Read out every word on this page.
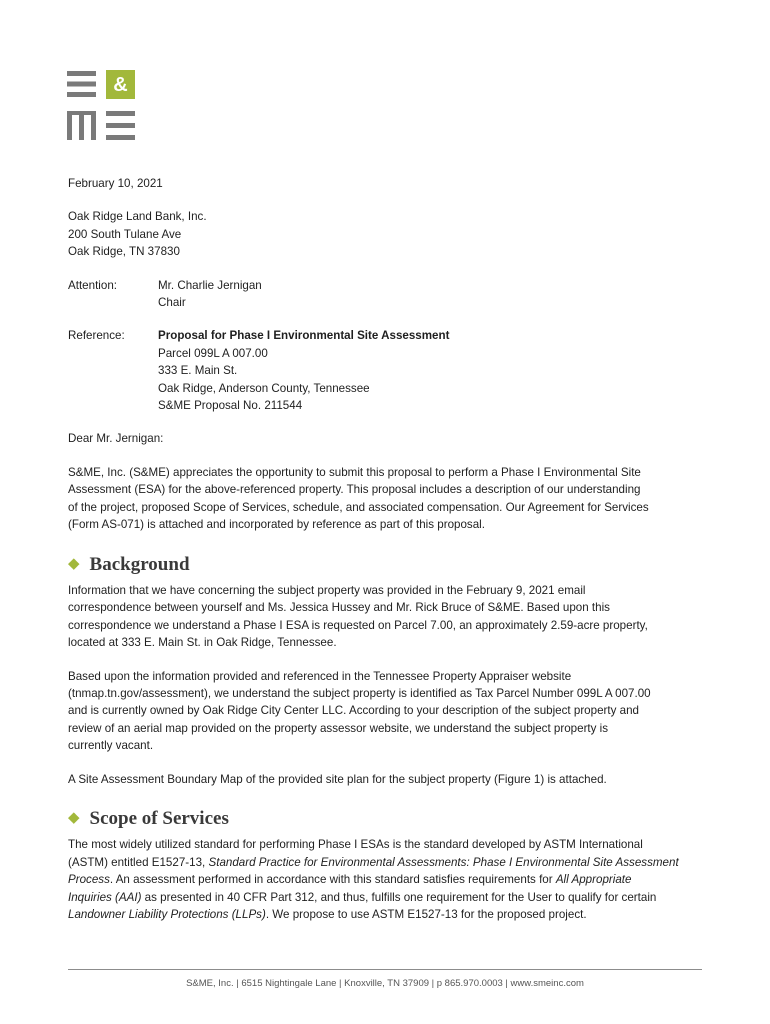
&
February 10, 2021
Oak Ridge Land Bank, Inc.
200 South Tulane Ave
Oak Ridge, TN 37830
Attention:	Mr. Charlie Jernigan
Chair
Reference:	Proposal for Phase I Environmental Site Assessment
Parcel 099L A 007.00
333 E. Main St.
Oak Ridge, Anderson County, Tennessee
S&ME Proposal No. 211544
Dear Mr. Jernigan:
S&ME, Inc. (S&ME) appreciates the opportunity to submit this proposal to perform a Phase I Environmental Site
Assessment (ESA) for the above-referenced property. This proposal includes a description of our understanding
of the project, proposed Scope of Services, schedule, and associated compensation. Our Agreement for Services
(Form AS-071) is attached and incorporated by reference as part of this proposal.
◆ Background
Information that we have concerning the subject property was provided in the February 9, 2021 email
correspondence between yourself and Ms. Jessica Hussey and Mr. Rick Bruce of S&ME. Based upon this
correspondence we understand a Phase I ESA is requested on Parcel 7.00, an approximately 2.59-acre property,
located at 333 E. Main St. in Oak Ridge, Tennessee.
Based upon the information provided and referenced in the Tennessee Property Appraiser website
(tnmap.tn.gov/assessment), we understand the subject property is identified as Tax Parcel Number 099L A 007.00
and is currently owned by Oak Ridge City Center LLC. According to your description of the subject property and
review of an aerial map provided on the property assessor website, we understand the subject property is
currently vacant.
A Site Assessment Boundary Map of the provided site plan for the subject property (Figure 1) is attached.
◆ Scope of Services
The most widely utilized standard for performing Phase I ESAs is the standard developed by ASTM International
(ASTM) entitled E1527-13, Standard Practice for Environmental Assessments: Phase I Environmental Site Assessment
Process. An assessment performed in accordance with this standard satisfies requirements for All Appropriate
Inquiries (AAI) as presented in 40 CFR Part 312, and thus, fulfills one requirement for the User to qualify for certain
Landowner Liability Protections (LLPs). We propose to use ASTM E1527-13 for the proposed project.
S&ME, Inc. | 6515 Nightingale Lane | Knoxville, TN 37909 | p 865.970.0003 | www.smeinc.com
